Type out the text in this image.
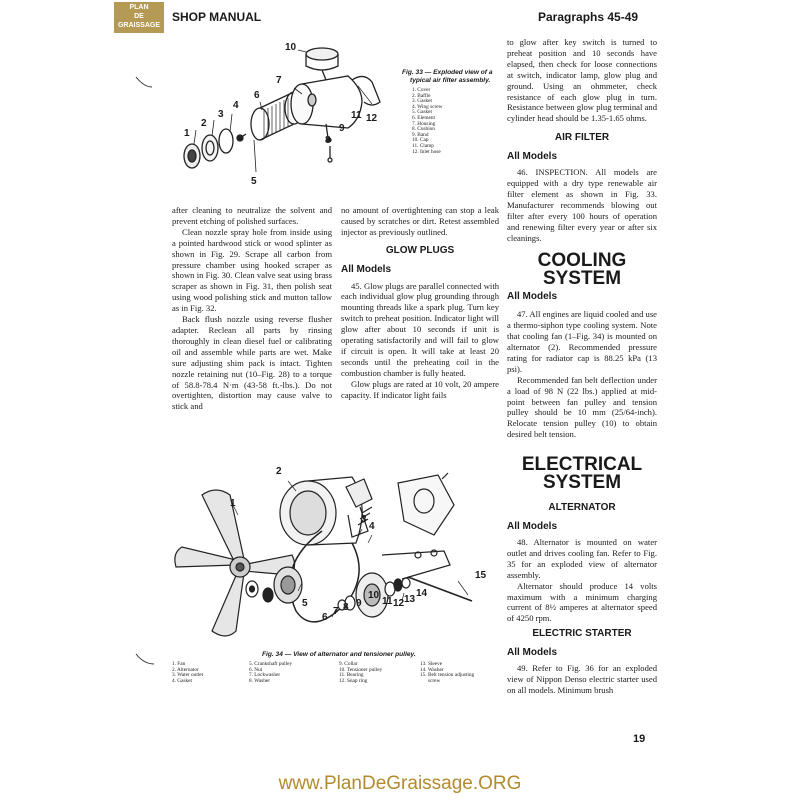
PLAN
DE
GRAISSAGE
SHOP MANUAL	Paragraphs 45-49
1
2
3
4
5
6
7
8
9
10
11 12
Fig. 33 — Exploded view of a
typical air filter assembly.
1. Cover
2. Baffle
3. Gasket
4. Wing screw
5. Gasket
6. Element
7. Housing
8. Cushion
9. Band
10. Cap
11. Clamp
12. Inlet hose

after cleaning to neutralize the solvent and prevent etching of polished surfaces.

Clean nozzle spray hole from inside using a pointed hardwood stick or wood splinter as shown in Fig. 29. Scrape all carbon from pressure chamber using hooked scraper as shown in Fig. 30. Clean valve seat using brass scraper as shown in Fig. 31, then polish seat using wood polishing stick and mutton tallow as in Fig. 32.

Back flush nozzle using reverse flusher adapter. Reclean all parts by rinsing thoroughly in clean diesel fuel or calibrating oil and assemble while parts are wet. Make sure adjusting shim pack is intact. Tighten nozzle retaining nut (10–Fig. 28) to a torque of 58.8-78.4 N·m (43-58 ft.-lbs.). Do not overtighten, distortion may cause valve to stick and

no amount of overtightening can stop a leak caused by scratches or dirt. Retest assembled injector as previously outlined.

GLOW PLUGS
All Models

45. Glow plugs are parallel connected with each individual glow plug grounding through mounting threads like a spark plug. Turn key switch to preheat position. Indicator light will glow after about 10 seconds if unit is operating satisfactorily and will fail to glow if circuit is open. It will take at least 20 seconds until the preheating coil in the combustion chamber is fully heated.

Glow plugs are rated at 10 volt, 20 ampere capacity. If indicator light fails

to glow after key switch is turned to preheat position and 10 seconds have elapsed, then check for loose connections at switch, indicator lamp, glow plug and ground. Using an ohmmeter, check resistance of each glow plug in turn. Resistance between glow plug terminal and cylinder head should be 1.35-1.65 ohms.

AIR FILTER
All Models

46. INSPECTION. All models are equipped with a dry type renewable air filter element as shown in Fig. 33. Manufacturer recommends blowing out filter after every 100 hours of operation and renewing filter every year or after six cleanings.

COOLING
SYSTEM
All Models

47. All engines are liquid cooled and use a thermo-siphon type cooling system. Note that cooling fan (1–Fig. 34) is mounted on alternator (2). Recommended pressure rating for radiator cap is 88.25 kPa (13 psi).

Recommended fan belt deflection under a load of 98 N (22 lbs.) applied at mid-point between fan pulley and tension pulley should be 10 mm (25/64-inch). Relocate tension pulley (10) to obtain desired belt tension.

ELECTRICAL
SYSTEM
ALTERNATOR
All Models

48. Alternator is mounted on water outlet and drives cooling fan. Refer to Fig. 35 for an exploded view of alternator assembly.

Alternator should produce 14 volts maximum with a minimum charging current of 8½ amperes at alternator speed of 4250 rpm.

ELECTRIC STARTER
All Models

49. Refer to Fig. 36 for an exploded view of Nippon Denso electric starter used on all models. Minimum brush

1
2
3
4
5
6
7 8 9
10
11 12 13
14
15
Fig. 34 — View of alternator and tensioner pulley.
1. Fan
2. Alternator
3. Water outlet
4. Gasket
5. Crankshaft pulley
6. Nut
7. Lockwasher
8. Washer
9. Collar
10. Tensioner pulley
11. Bearing
12. Snap ring
13. Sleeve
14. Washer
15. Belt tension adjusting
screw
19
www.PlanDeGraissage.ORG
